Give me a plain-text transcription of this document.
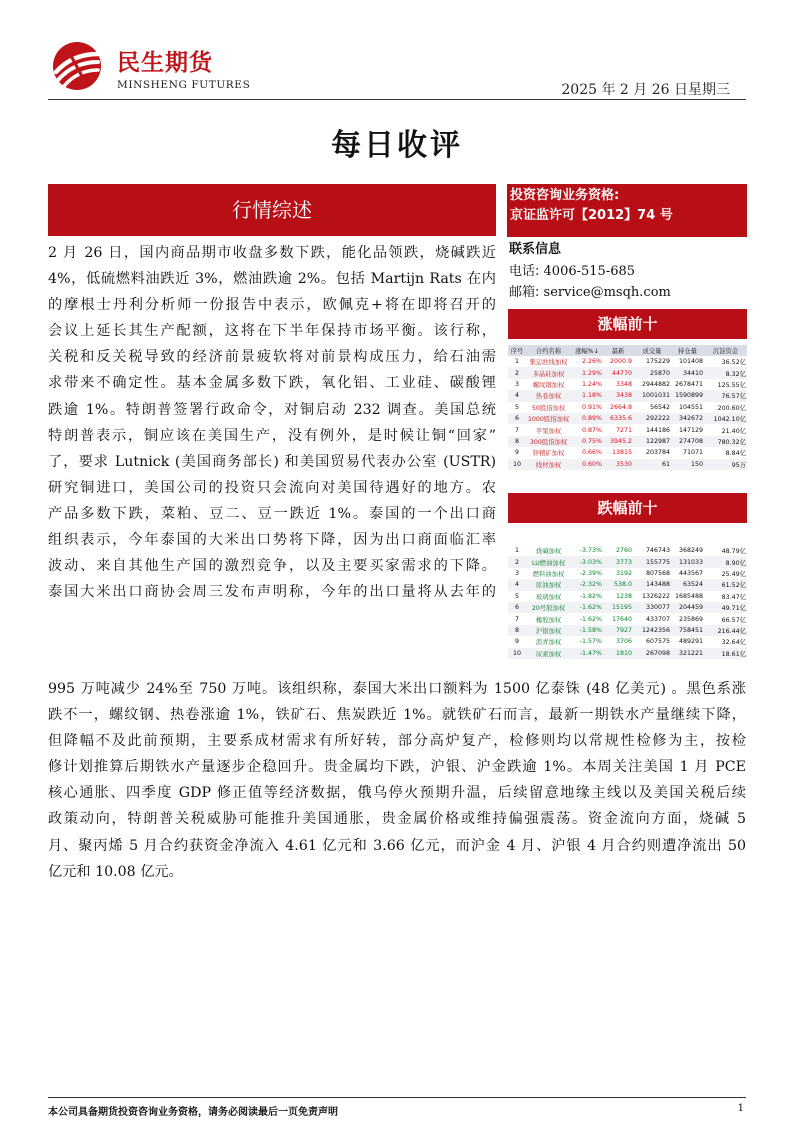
民生期货
MINSHENG FUTURES	2025 年 2 月 26 日星期三
每日收评
行情综述
投资咨询业务资格:
京证监许可【2012】74 号
联系信息
电话: 4006-515-685
邮箱: service@msqh.com
涨幅前十
序号	合约名称	涨幅%↓	最新	成交量	持仓量	沉淀资金
1	集运欧线加权	2.26%	2000.9	175229	101408	36.52亿
2	多晶硅加权	1.29%	44770	25870	34410	8.32亿
3	螺纹钢加权	1.24%	3348	2944882	2678471	125.55亿
4	热卷加权	1.18%	3438	1001031	1590899	76.57亿
5	50股指加权	0.91%	2664.8	56542	104551	200.60亿
6	1000股指加权	0.89%	6335.6	292222	342672	1042.10亿
7	苹果加权	0.87%	7271	144186	147129	21.40亿
8	300股指加权	0.75%	3945.2	122987	274708	780.32亿
9	锌精矿加权	0.66%	13815	203784	71071	8.84亿
10	线材加权	0.60%	3530	61	150	95万
跌幅前十
1	烧碱加权	-3.73%	2760	746743	368249	48.79亿
2	LU燃油加权	-3.03%	3773	155775	131033	8.90亿
3	燃料油加权	-2.39%	3192	807568	443567	25.49亿
4	原油加权	-2.32%	538.0	143488	63524	61.52亿
5	玻璃加权	-1.82%	1238	1326222	1685488	83.47亿
6	20号胶加权	-1.62%	15195	330077	204459	49.71亿
7	橡胶加权	-1.62%	17640	433707	235869	66.57亿
8	沪银加权	-1.58%	7927	1242356	758451	216.44亿
9	沥青加权	-1.57%	3706	607575	489291	32.64亿
10	尿素加权	-1.47%	1810	267098	321221	18.61亿
2 月 26 日，国内商品期市收盘多数下跌，能化品领跌，烧碱跌近
4%，低硫燃料油跌近 3%，燃油跌逾 2%。包括 Martijn Rats 在内
的摩根士丹利分析师一份报告中表示，欧佩克+将在即将召开的
会议上延长其生产配额，这将在下半年保持市场平衡。该行称，
关税和反关税导致的经济前景疲软将对前景构成压力，给石油需
求带来不确定性。基本金属多数下跌，氧化铝、工业硅、碳酸锂
跌逾 1%。特朗普签署行政命令，对铜启动 232 调查。美国总统
特朗普表示，铜应该在美国生产，没有例外，是时候让铜“回家”
了，要求 Lutnick (美国商务部长) 和美国贸易代表办公室 (USTR)
研究铜进口，美国公司的投资只会流向对美国待遇好的地方。农
产品多数下跌，菜粕、豆二、豆一跌近 1%。泰国的一个出口商
组织表示，今年泰国的大米出口势将下降，因为出口商面临汇率
波动、来自其他生产国的激烈竞争，以及主要买家需求的下降。
泰国大米出口商协会周三发布声明称，今年的出口量将从去年的
995 万吨减少 24%至 750 万吨。该组织称，泰国大米出口额料为 1500 亿泰铢 (48 亿美元) 。黑色系涨
跌不一，螺纹钢、热卷涨逾 1%，铁矿石、焦炭跌近 1%。就铁矿石而言，最新一期铁水产量继续下降，
但降幅不及此前预期，主要系成材需求有所好转，部分高炉复产，检修则均以常规性检修为主，按检
修计划推算后期铁水产量逐步企稳回升。贵金属均下跌，沪银、沪金跌逾 1%。本周关注美国 1 月 PCE
核心通胀、四季度 GDP 修正值等经济数据，俄乌停火预期升温，后续留意地缘主线以及美国关税后续
政策动向，特朗普关税威胁可能推升美国通胀，贵金属价格或维持偏强震荡。资金流向方面，烧碱 5
月、聚丙烯 5 月合约获资金净流入 4.61 亿元和 3.66 亿元，而沪金 4 月、沪银 4 月合约则遭净流出 50
亿元和 10.08 亿元。
本公司具备期货投资咨询业务资格，请务必阅读最后一页免责声明	1
